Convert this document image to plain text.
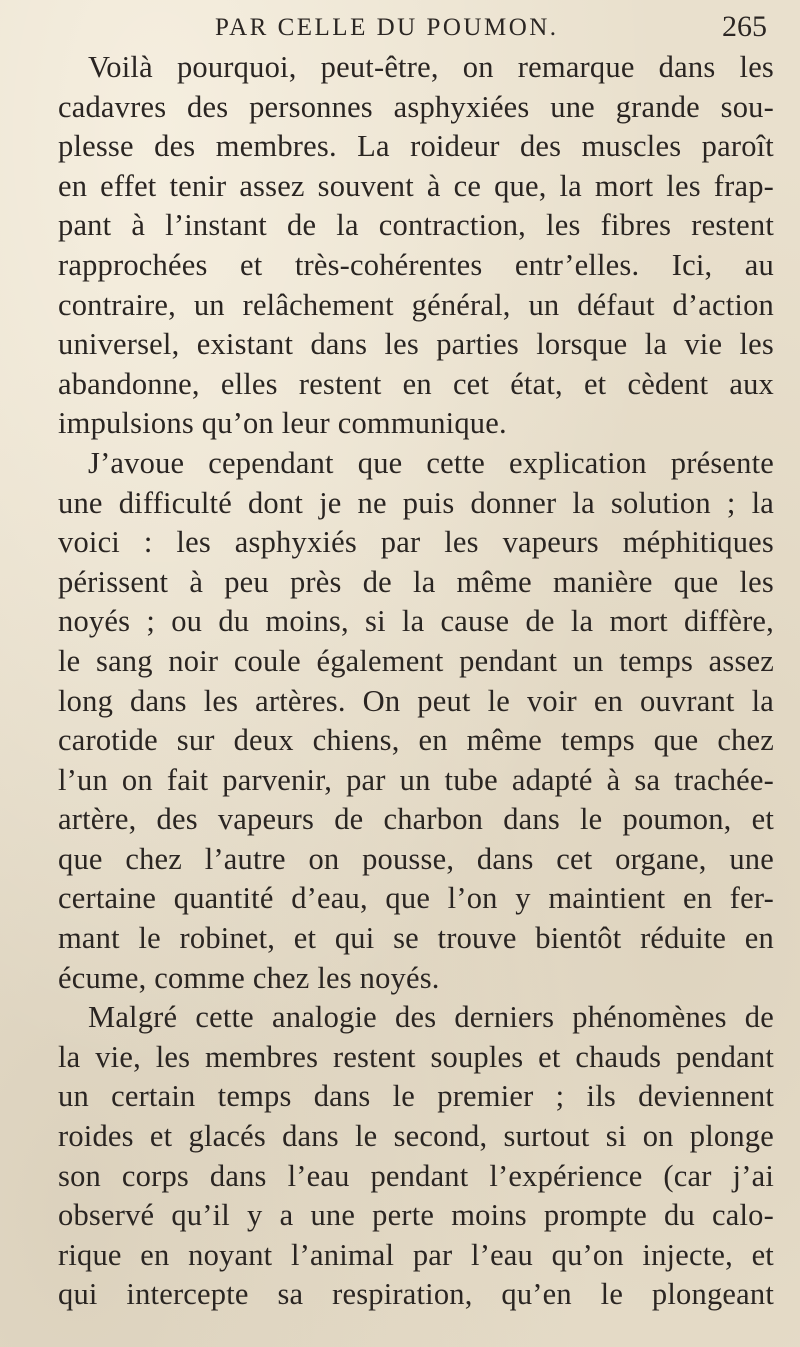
PAR CELLE DU POUMON.	265
Voilà pourquoi, peut-être, on remarque dans les
cadavres des personnes asphyxiées une grande sou-
plesse des membres. La roideur des muscles paroît
en effet tenir assez souvent à ce que, la mort les frap-
pant à l’instant de la contraction, les fibres restent
rapprochées et très-cohérentes entr’elles. Ici, au
contraire, un relâchement général, un défaut d’action
universel, existant dans les parties lorsque la vie les
abandonne, elles restent en cet état, et cèdent aux
impulsions qu’on leur communique.
J’avoue cependant que cette explication présente
une difficulté dont je ne puis donner la solution ; la
voici : les asphyxiés par les vapeurs méphitiques
périssent à peu près de la même manière que les
noyés ; ou du moins, si la cause de la mort diffère,
le sang noir coule également pendant un temps assez
long dans les artères. On peut le voir en ouvrant la
carotide sur deux chiens, en même temps que chez
l’un on fait parvenir, par un tube adapté à sa trachée-
artère, des vapeurs de charbon dans le poumon, et
que chez l’autre on pousse, dans cet organe, une
certaine quantité d’eau, que l’on y maintient en fer-
mant le robinet, et qui se trouve bientôt réduite en
écume, comme chez les noyés.
Malgré cette analogie des derniers phénomènes de
la vie, les membres restent souples et chauds pendant
un certain temps dans le premier ; ils deviennent
roides et glacés dans le second, surtout si on plonge
son corps dans l’eau pendant l’expérience (car j’ai
observé qu’il y a une perte moins prompte du calo-
rique en noyant l’animal par l’eau qu’on injecte, et
qui intercepte sa respiration, qu’en le plongeant
